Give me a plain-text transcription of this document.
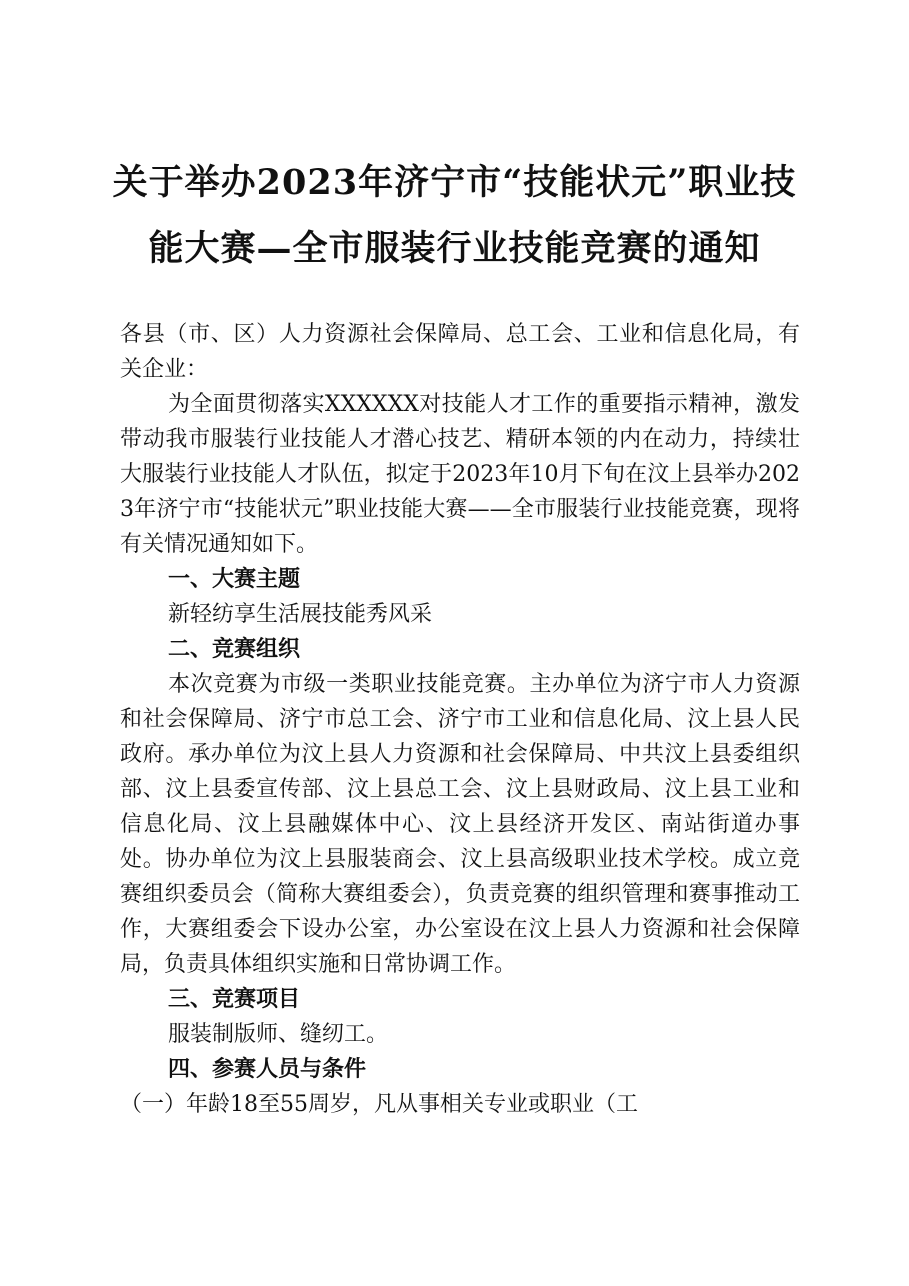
关于举办2023年济宁市“技能状元”职业技
能大赛—全市服装行业技能竞赛的通知

各县（市、区）人力资源社会保障局、总工会、工业和信息化局，有关企业：

为全面贯彻落实XXXXXX对技能人才工作的重要指示精神，激发带动我市服装行业技能人才潜心技艺、精研本领的内在动力，持续壮大服装行业技能人才队伍，拟定于2023年10月下旬在汶上县举办2023年济宁市“技能状元”职业技能大赛——全市服装行业技能竞赛，现将有关情况通知如下。

一、大赛主题

新轻纺享生活展技能秀风采

二、竞赛组织

本次竞赛为市级一类职业技能竞赛。主办单位为济宁市人力资源和社会保障局、济宁市总工会、济宁市工业和信息化局、汶上县人民政府。承办单位为汶上县人力资源和社会保障局、中共汶上县委组织部、汶上县委宣传部、汶上县总工会、汶上县财政局、汶上县工业和信息化局、汶上县融媒体中心、汶上县经济开发区、南站街道办事处。协办单位为汶上县服装商会、汶上县高级职业技术学校。成立竞赛组织委员会（简称大赛组委会），负责竞赛的组织管理和赛事推动工作，大赛组委会下设办公室，办公室设在汶上县人力资源和社会保障局，负责具体组织实施和日常协调工作。

三、竞赛项目

服装制版师、缝纫工。

四、参赛人员与条件

（一）年龄18至55周岁，凡从事相关专业或职业（工
